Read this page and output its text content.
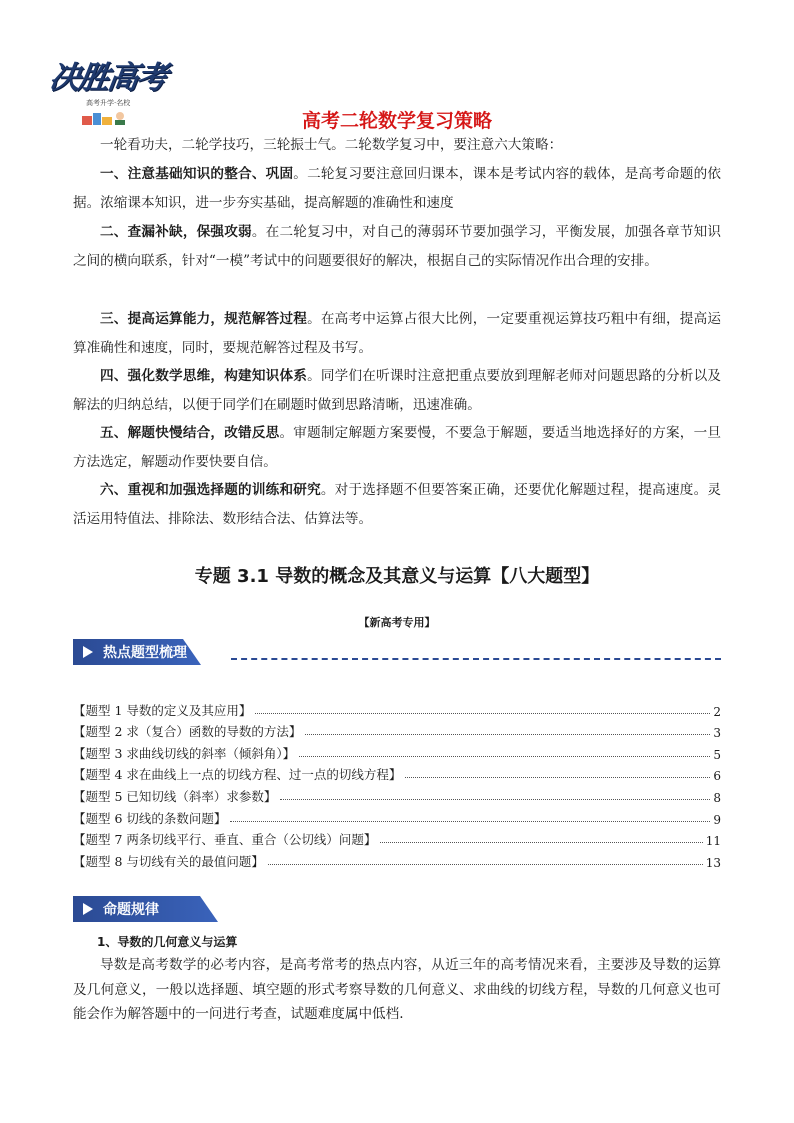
决胜高考
高考升学·名校
高考二轮数学复习策略
一轮看功夫，二轮学技巧，三轮振士气。二轮数学复习中，要注意六大策略：
一、注意基础知识的整合、巩固。二轮复习要注意回归课本，课本是考试内容的载体，是高考命题的依据。浓缩课本知识，进一步夯实基础，提高解题的准确性和速度
二、查漏补缺，保强攻弱。在二轮复习中，对自己的薄弱环节要加强学习，平衡发展，加强各章节知识之间的横向联系，针对“一模”考试中的问题要很好的解决，根据自己的实际情况作出合理的安排。
三、提高运算能力，规范解答过程。在高考中运算占很大比例，一定要重视运算技巧粗中有细，提高运算准确性和速度，同时，要规范解答过程及书写。
四、强化数学思维，构建知识体系。同学们在听课时注意把重点要放到理解老师对问题思路的分析以及解法的归纳总结，以便于同学们在刷题时做到思路清晰，迅速准确。
五、解题快慢结合，改错反思。审题制定解题方案要慢，不要急于解题，要适当地选择好的方案，一旦方法选定，解题动作要快要自信。
六、重视和加强选择题的训练和研究。对于选择题不但要答案正确，还要优化解题过程，提高速度。灵活运用特值法、排除法、数形结合法、估算法等。
专题 3.1 导数的概念及其意义与运算【八大题型】
【新高考专用】
热点题型梳理
【题型 1 导数的定义及其应用】	2
【题型 2 求（复合）函数的导数的方法】	3
【题型 3 求曲线切线的斜率（倾斜角）】	5
【题型 4 求在曲线上一点的切线方程、过一点的切线方程】	6
【题型 5 已知切线（斜率）求参数】	8
【题型 6 切线的条数问题】	9
【题型 7 两条切线平行、垂直、重合（公切线）问题】	11
【题型 8 与切线有关的最值问题】	13
命题规律
1、导数的几何意义与运算
导数是高考数学的必考内容，是高考常考的热点内容，从近三年的高考情况来看，主要涉及导数的运算及几何意义，一般以选择题、填空题的形式考察导数的几何意义、求曲线的切线方程，导数的几何意义也可能会作为解答题中的一问进行考查，试题难度属中低档.
